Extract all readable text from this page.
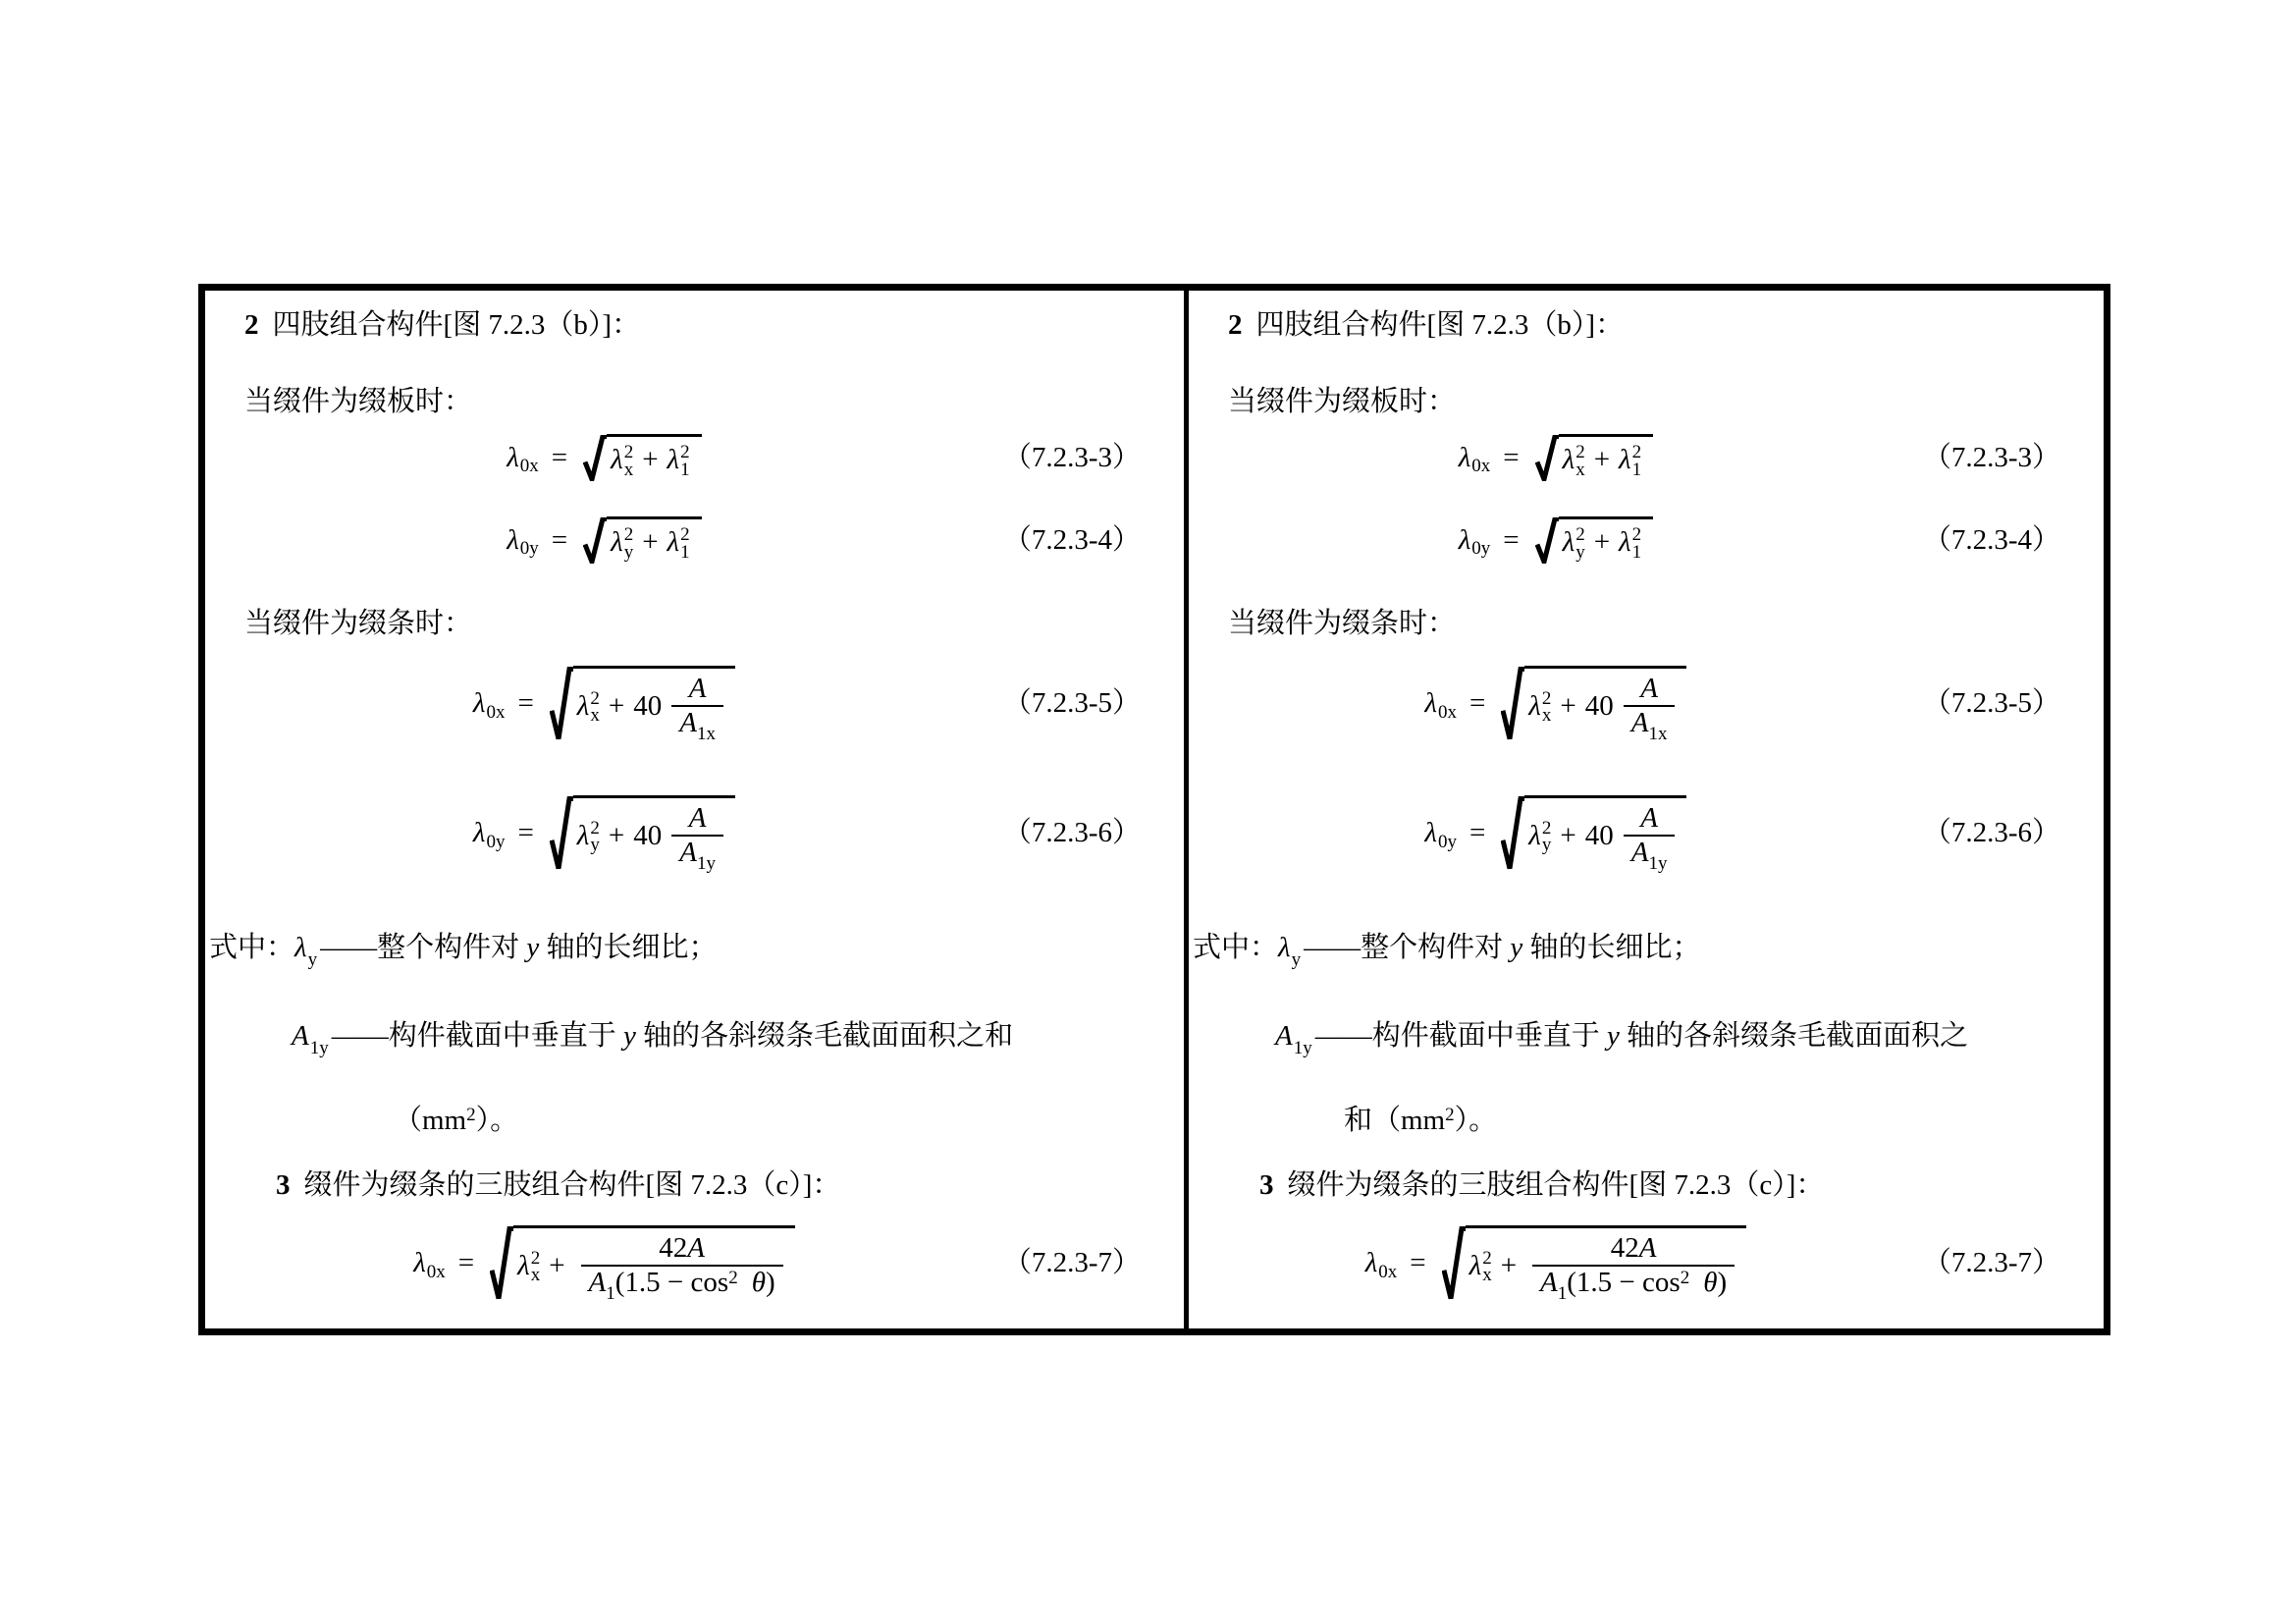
2 四肢组合构件[图 7.2.3（b）]：
当缀件为缀板时：
λ 0x = λ 2
x + λ 2
1	（7.2.3-3）
λ 0y = λ 2
y + λ 2
1	（7.2.3-4）
当缀件为缀条时：
λ 0x = λ 2
$x + 40 \frac{A}{A_{1x}}$	（7.2.3-5）
λ 0y = λ 2
$y + 40 \frac{A}{A_{1y}}$	（7.2.3-6）
式中：$\lambda_y$ ——整个构件对 y 轴的长细比；
$A_{1y}$ ——构件截面中垂直于 y 轴的各斜缀条毛截面面积之和
$(mm^2)$。
3 缀件为缀条的三肢组合构件[图 7.2.3（c）]：
λ 0x = λ 2
$x + \frac{42A}{A_1(1.5 - \cos^2 \theta)}$	（7.2.3-7）
2 四肢组合构件[图 7.2.3（b）]：
当缀件为缀板时：
λ 0x = λ 2
x + λ 2
1	（7.2.3-3）
λ 0y = λ 2
y + λ 2
1	（7.2.3-4）
当缀件为缀条时：
λ 0x = λ 2
$x + 40 \frac{A}{A_{1x}}$	（7.2.3-5）
λ 0y = λ 2
$y + 40 \frac{A}{A_{1y}}$	（7.2.3-6）
式中：$\lambda_y$ ——整个构件对 y 轴的长细比；
$A_{1y}$ ——构件截面中垂直于 y 轴的各斜缀条毛截面面积之
和$(mm^2)$。
3 缀件为缀条的三肢组合构件[图 7.2.3（c）]：
λ 0x = λ 2
$x + \frac{42A}{A_1(1.5 - \cos^2 \theta)}$	（7.2.3-7）
